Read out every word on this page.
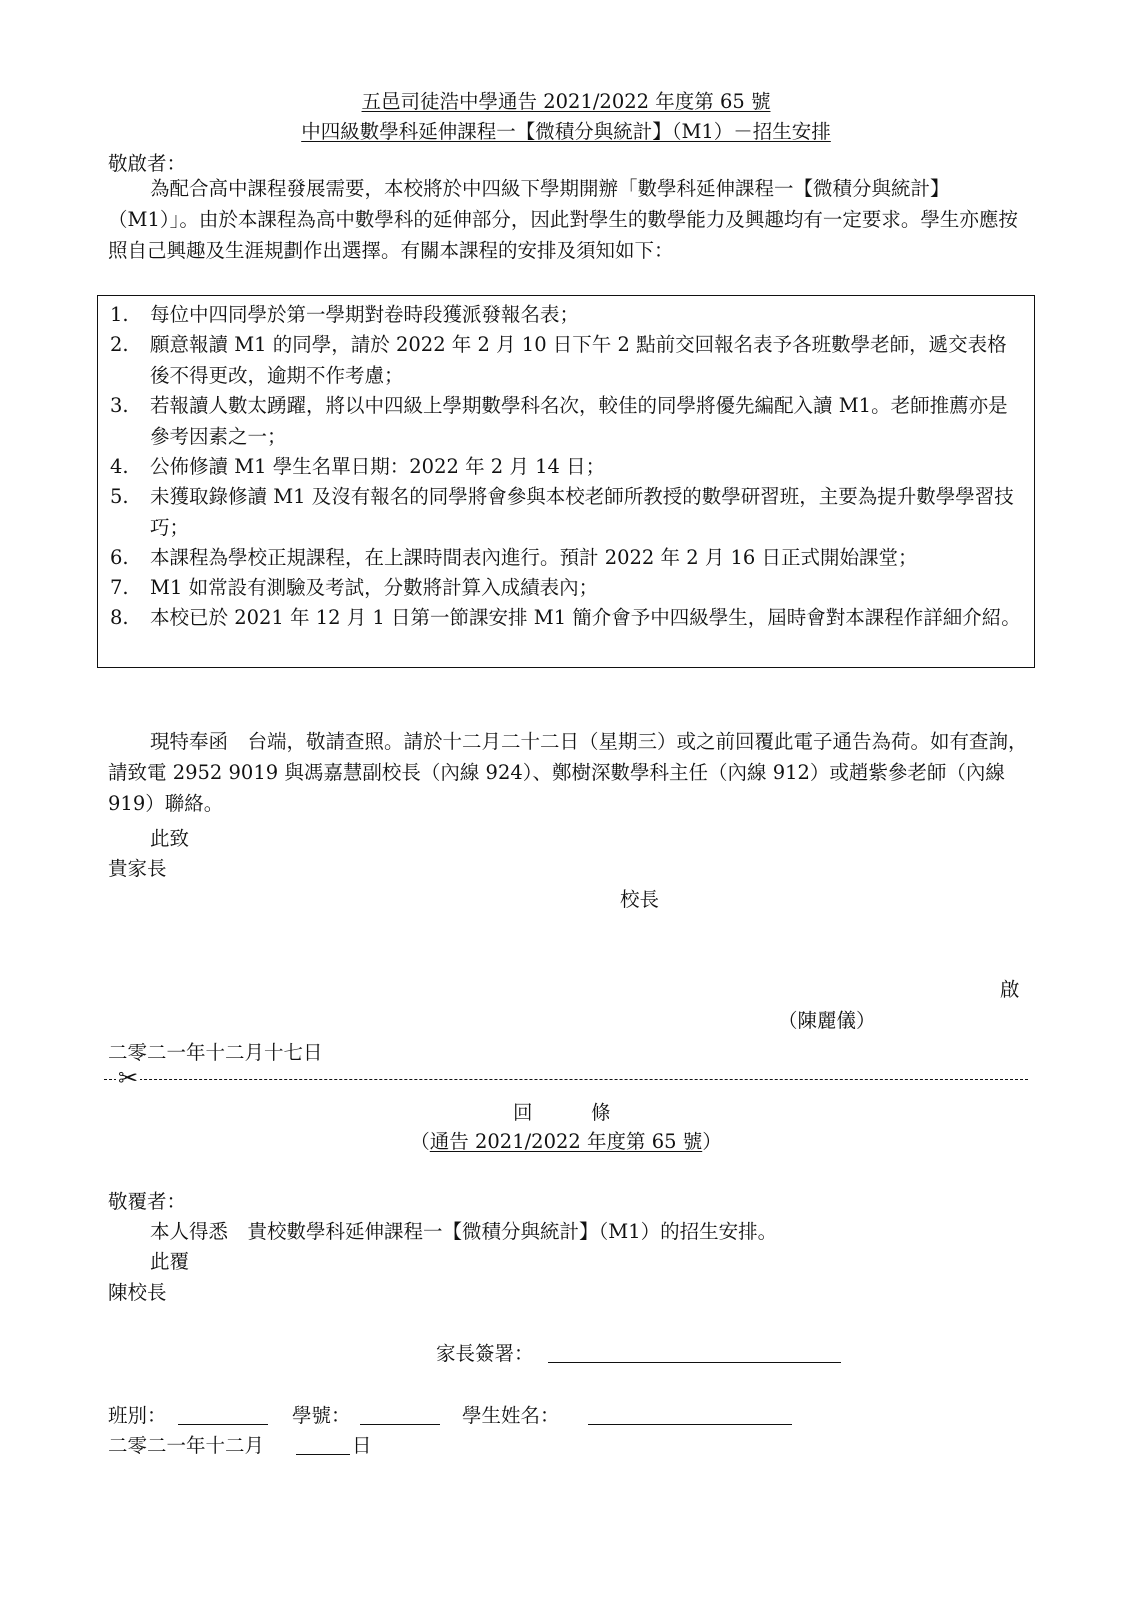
五邑司徒浩中學通告 2021/2022 年度第 65 號
中四級數學科延伸課程一【微積分與統計】（M1）－招生安排
敬啟者：
為配合高中課程發展需要，本校將於中四級下學期開辦「數學科延伸課程一【微積分與統計】（M1）」。由於本課程為高中數學科的延伸部分，因此對學生的數學能力及興趣均有一定要求。學生亦應按照自己興趣及生涯規劃作出選擇。有關本課程的安排及須知如下：
1. 每位中四同學於第一學期對卷時段獲派發報名表；
2. 願意報讀 M1 的同學，請於 2022 年 2 月 10 日下午 2 點前交回報名表予各班數學老師，遞交表格後不得更改，逾期不作考慮；
3. 若報讀人數太踴躍，將以中四級上學期數學科名次，較佳的同學將優先編配入讀 M1。老師推薦亦是參考因素之一；
4. 公佈修讀 M1 學生名單日期：2022 年 2 月 14 日；
5. 未獲取錄修讀 M1 及沒有報名的同學將會參與本校老師所教授的數學研習班，主要為提升數學學習技巧；
6. 本課程為學校正規課程，在上課時間表內進行。預計 2022 年 2 月 16 日正式開始課堂；
7. M1 如常設有測驗及考試，分數將計算入成績表內；
8. 本校已於 2021 年 12 月 1 日第一節課安排 M1 簡介會予中四級學生，屆時會對本課程作詳細介紹。
現特奉函　台端，敬請查照。請於十二月二十二日（星期三）或之前回覆此電子通告為荷。如有查詢，請致電 2952 9019 與馮嘉慧副校長（內線 924）、鄭樹深數學科主任（內線 912）或趙紫參老師（內線 919）聯絡。
此致
貴家長
校長
啟
（陳麗儀）
二零二一年十二月十七日
✂
回　　　條
（通告 2021/2022 年度第 65 號）
敬覆者：
本人得悉　貴校數學科延伸課程一【微積分與統計】（M1）的招生安排。
此覆
陳校長
家長簽署：
班別：	學號：	學生姓名：
二零二一年十二月	日
